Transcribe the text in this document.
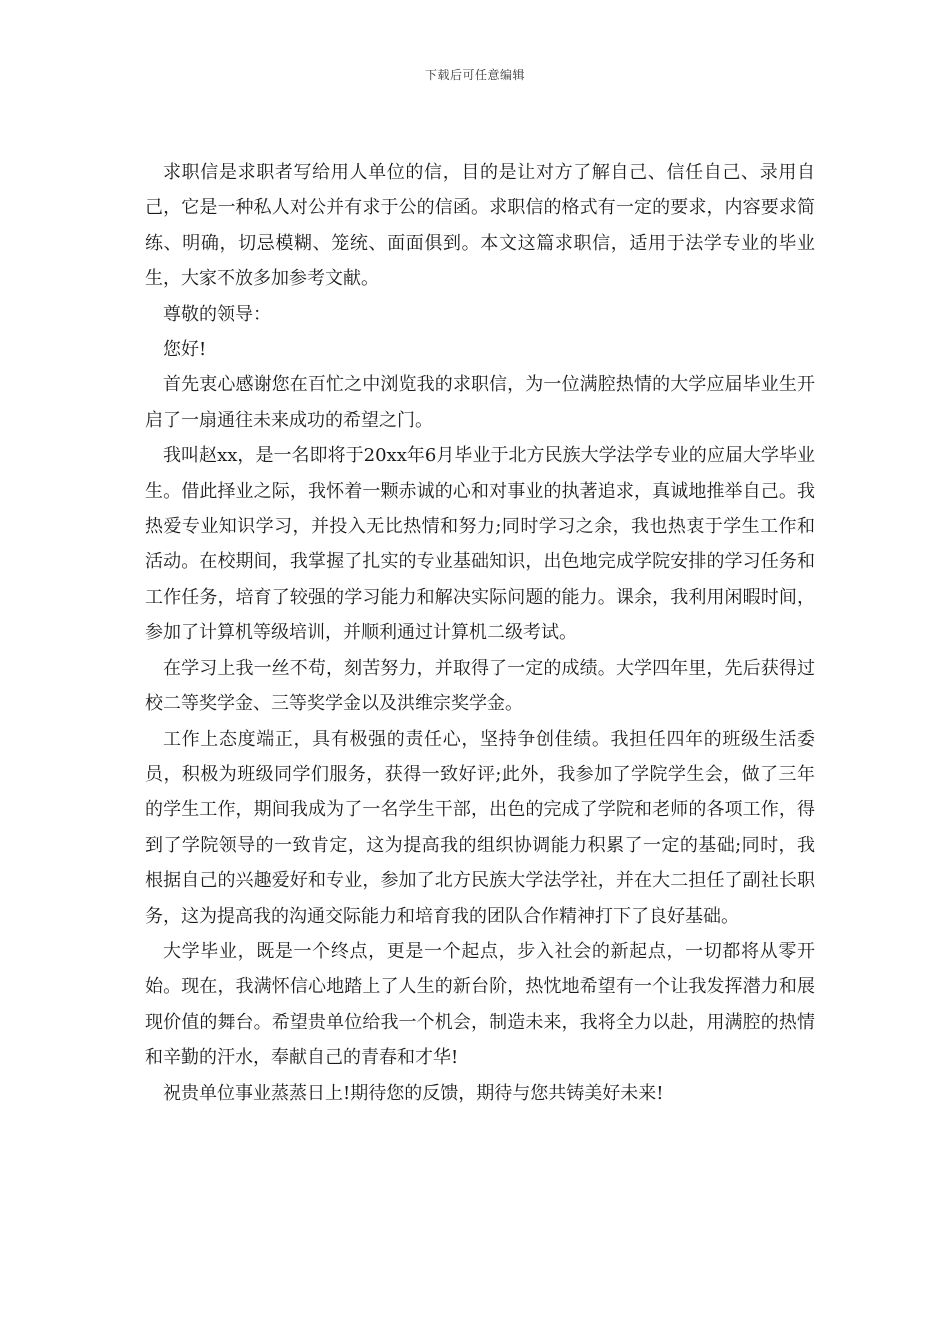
下载后可任意编辑

求职信是求职者写给用人单位的信，目的是让对方了解自己、信任自己、录用自己，它是一种私人对公并有求于公的信函。求职信的格式有一定的要求，内容要求简练、明确，切忌模糊、笼统、面面俱到。本文这篇求职信，适用于法学专业的毕业生，大家不放多加参考文献。

尊敬的领导：

您好!

首先衷心感谢您在百忙之中浏览我的求职信，为一位满腔热情的大学应届毕业生开启了一扇通往未来成功的希望之门。

我叫赵xx，是一名即将于20xx年6月毕业于北方民族大学法学专业的应届大学毕业生。借此择业之际，我怀着一颗赤诚的心和对事业的执著追求，真诚地推举自己。我热爱专业知识学习，并投入无比热情和努力;同时学习之余，我也热衷于学生工作和活动。在校期间，我掌握了扎实的专业基础知识，出色地完成学院安排的学习任务和工作任务，培育了较强的学习能力和解决实际问题的能力。课余，我利用闲暇时间，参加了计算机等级培训，并顺利通过计算机二级考试。

在学习上我一丝不苟，刻苦努力，并取得了一定的成绩。大学四年里，先后获得过校二等奖学金、三等奖学金以及洪维宗奖学金。

工作上态度端正，具有极强的责任心，坚持争创佳绩。我担任四年的班级生活委员，积极为班级同学们服务，获得一致好评;此外，我参加了学院学生会，做了三年的学生工作，期间我成为了一名学生干部，出色的完成了学院和老师的各项工作，得到了学院领导的一致肯定，这为提高我的组织协调能力积累了一定的基础;同时，我根据自己的兴趣爱好和专业，参加了北方民族大学法学社，并在大二担任了副社长职务，这为提高我的沟通交际能力和培育我的团队合作精神打下了良好基础。

大学毕业，既是一个终点，更是一个起点，步入社会的新起点，一切都将从零开始。现在，我满怀信心地踏上了人生的新台阶，热忱地希望有一个让我发挥潜力和展现价值的舞台。希望贵单位给我一个机会，制造未来，我将全力以赴，用满腔的热情和辛勤的汗水，奉献自己的青春和才华!

祝贵单位事业蒸蒸日上!期待您的反馈，期待与您共铸美好未来!
